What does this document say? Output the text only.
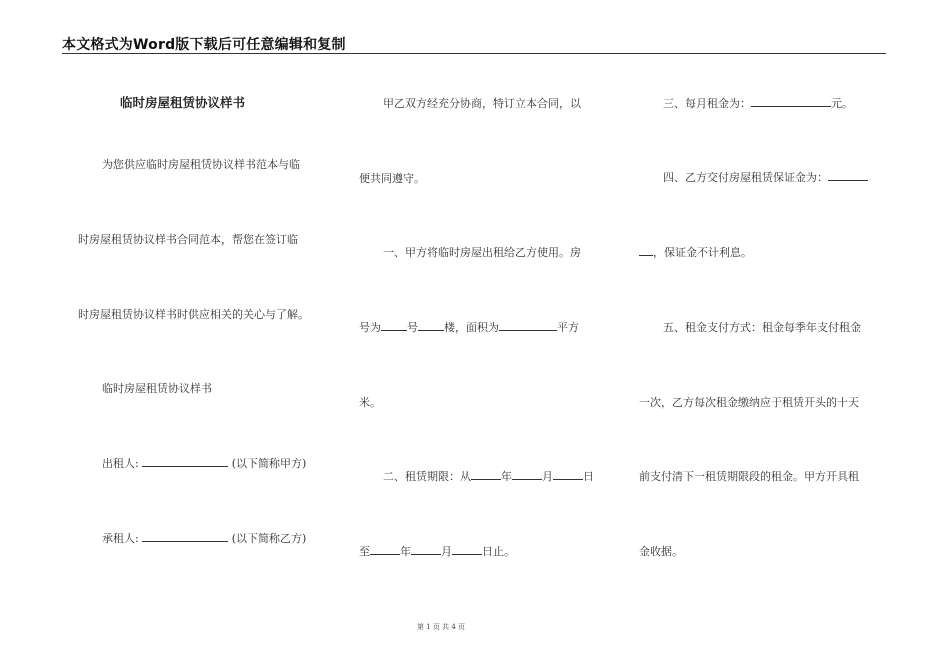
本文格式为Word版下载后可任意编辑和复制
临时房屋租赁协议样书
为您供应临时房屋租赁协议样书范本与临
时房屋租赁协议样书合同范本，帮您在签订临
时房屋租赁协议样书时供应相关的关心与了解。
临时房屋租赁协议样书
出租人:	(以下简称甲方)
承租人:	(以下简称乙方)
甲乙双方经充分协商，特订立本合同，以
便共同遵守。
一、甲方将临时房屋出租给乙方使用。房
号为 号 楼，面积为	平方
米。
二、租赁期限：从	年	月	日
至	年	月	日止。
三、每月租金为：	元。
四、乙方交付房屋租赁保证金为：
，保证金不计利息。
五、租金支付方式：租金每季年支付租金
一次，乙方每次租金缴纳应于租赁开头的十天
前支付清下一租赁期限段的租金。甲方开具租
金收据。
第 1 页 共 4 页
